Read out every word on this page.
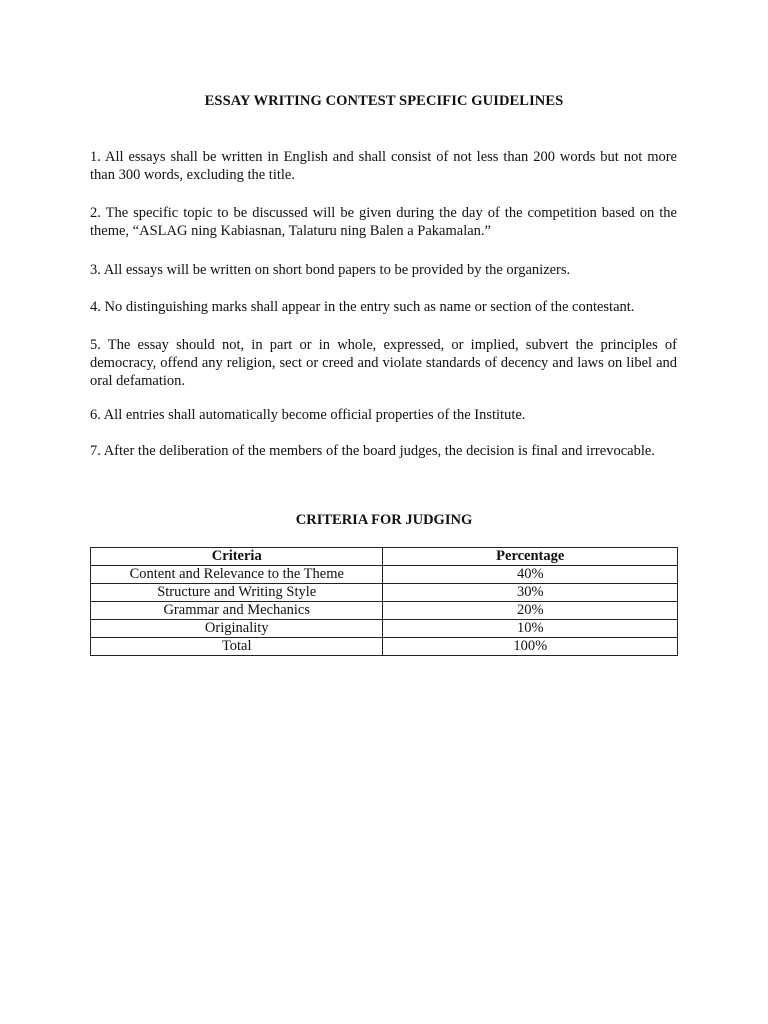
ESSAY WRITING CONTEST SPECIFIC GUIDELINES
1. All essays shall be written in English and shall consist of not less than 200 words but not more than 300 words, excluding the title.
2. The specific topic to be discussed will be given during the day of the competition based on the theme, “ASLAG ning Kabiasnan, Talaturu ning Balen a Pakamalan.”
3. All essays will be written on short bond papers to be provided by the organizers.
4. No distinguishing marks shall appear in the entry such as name or section of the contestant.
5. The essay should not, in part or in whole, expressed, or implied, subvert the principles of democracy, offend any religion, sect or creed and violate standards of decency and laws on libel and oral defamation.
6. All entries shall automatically become official properties of the Institute.
7. After the deliberation of the members of the board judges, the decision is final and irrevocable.
CRITERIA FOR JUDGING
Criteria	Percentage
Content and Relevance to the Theme	40%
Structure and Writing Style	30%
Grammar and Mechanics	20%
Originality	10%
Total	100%
